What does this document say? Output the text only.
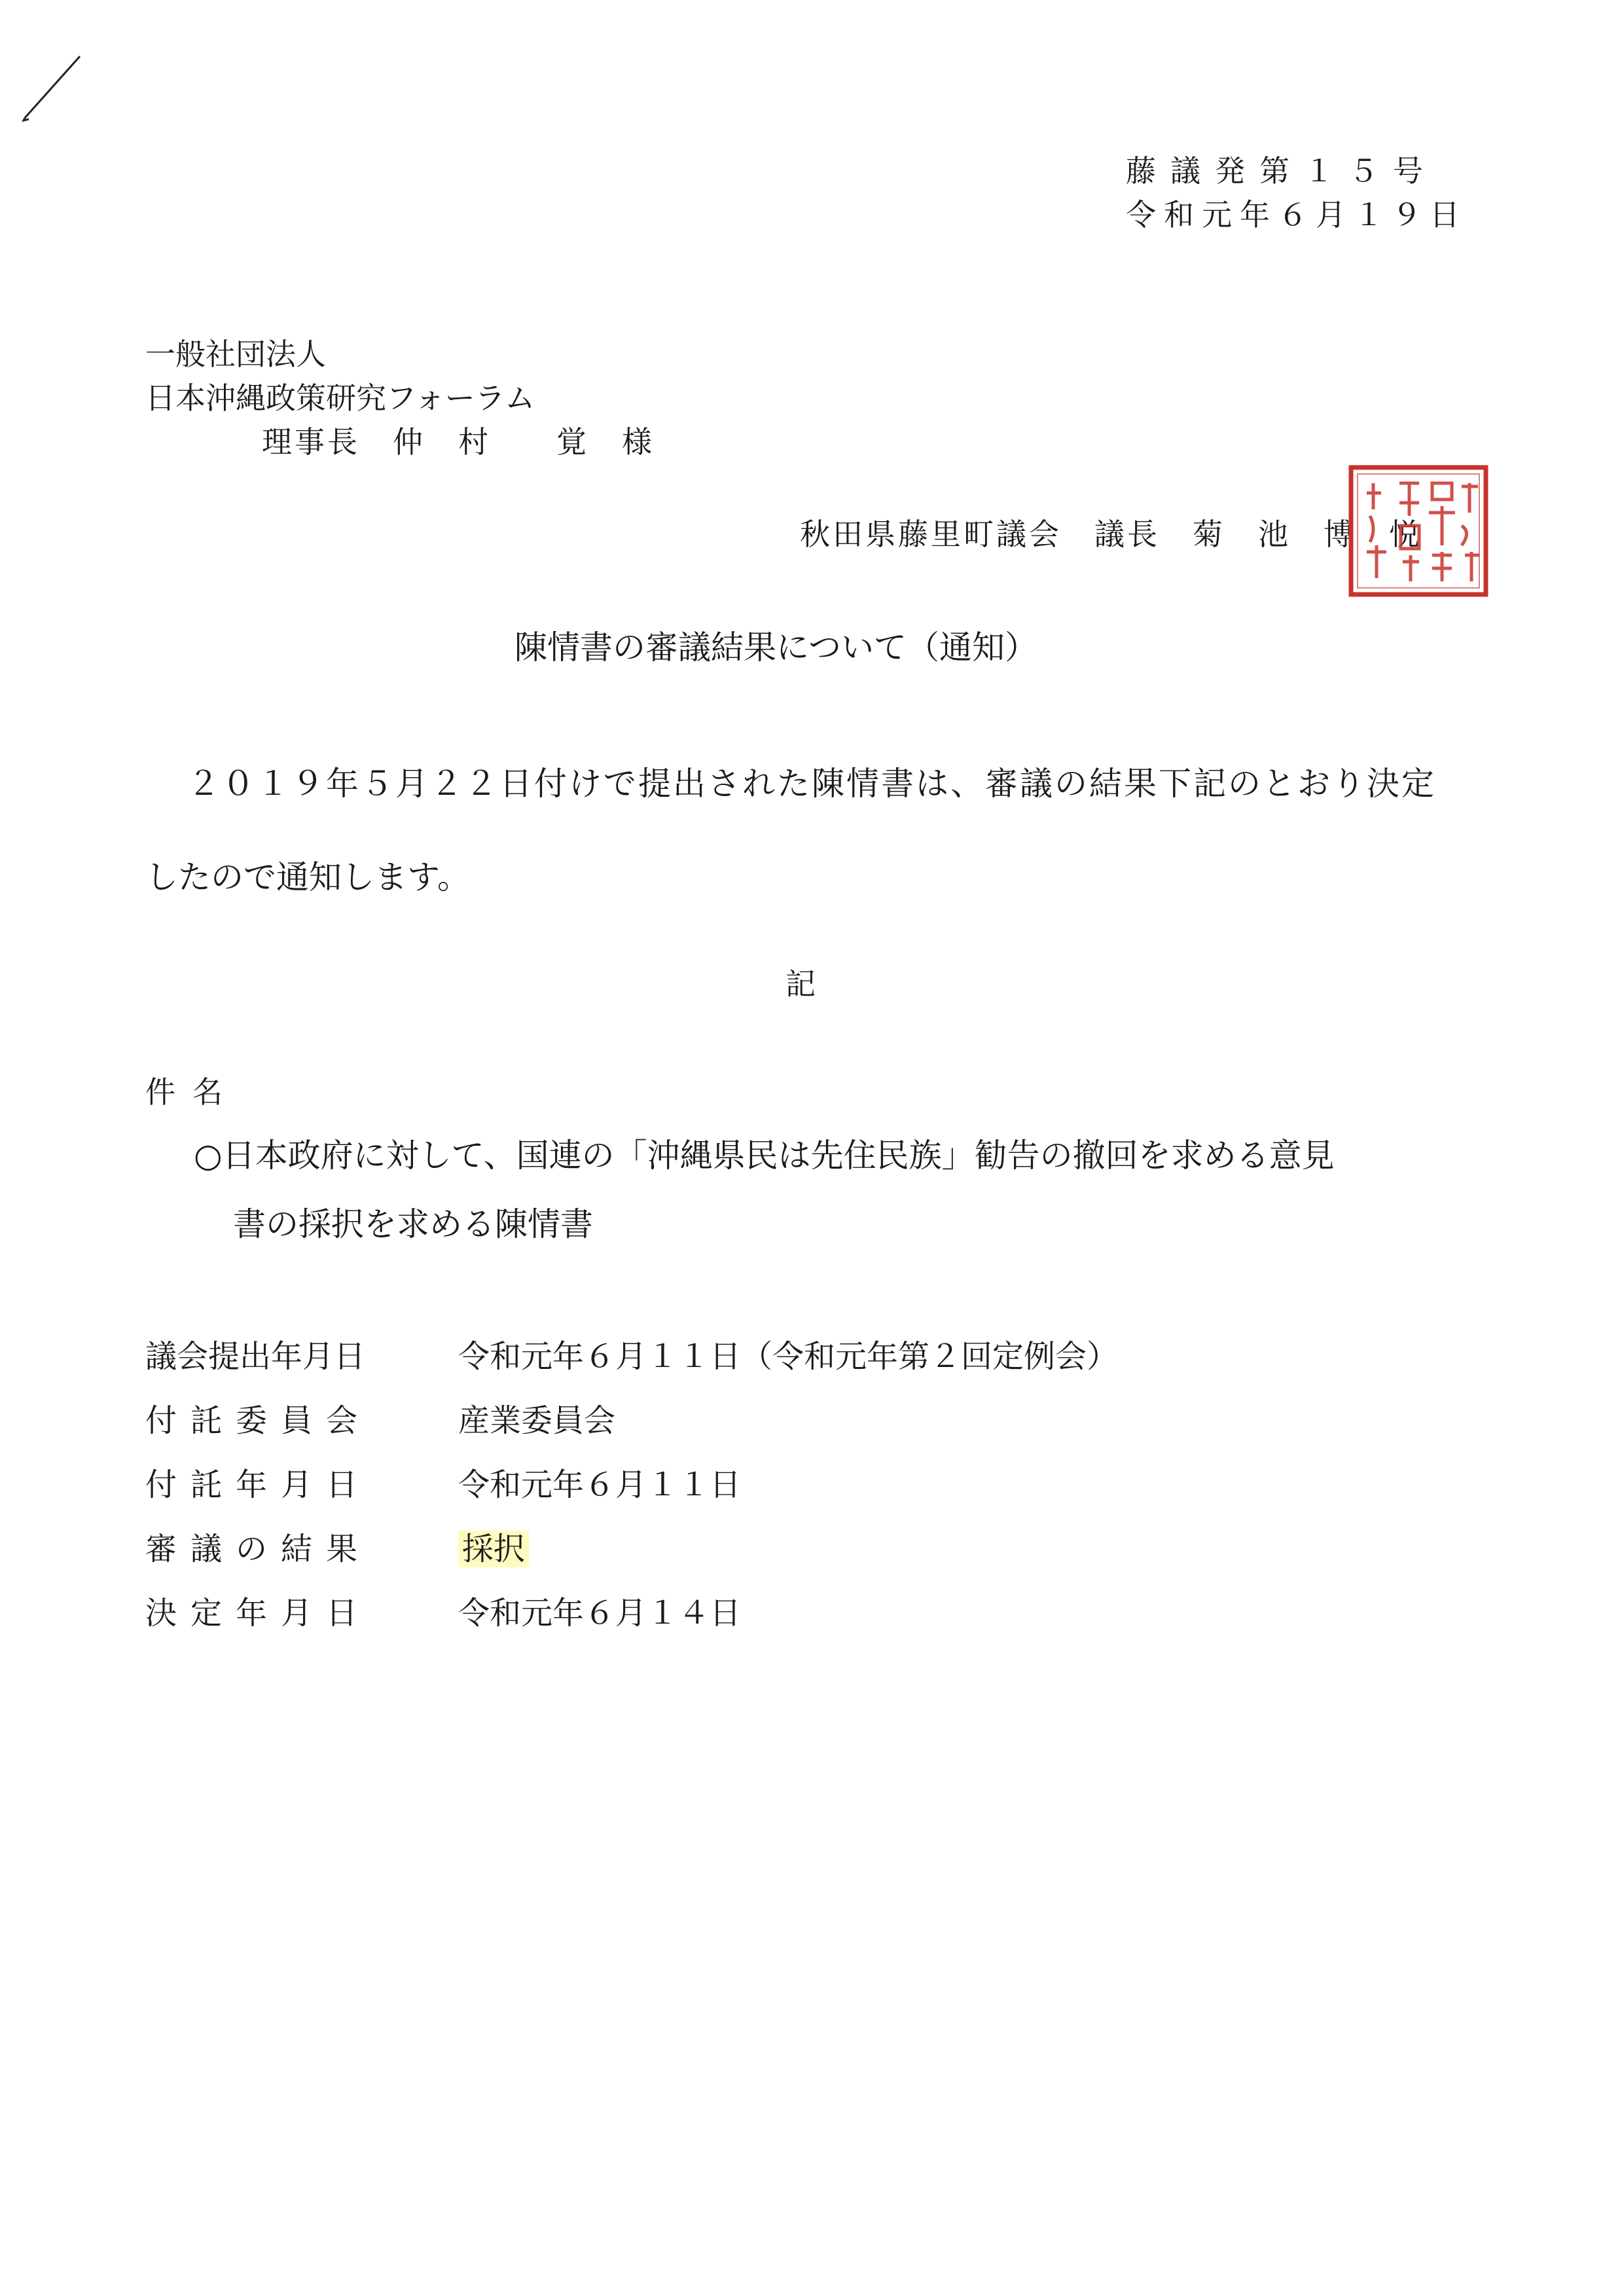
藤議発第１５号
令和元年６月１９日
一般社団法人
日本沖縄政策研究フォーラム
理事長　仲　村　　覚　様
秋田県藤里町議会　議長　菊　池　博　悦
陳情書の審議結果について（通知）
２０１９年５月２２日付けで提出された陳情書は、審議の結果下記のとおり決定
したので通知します。
記
件名
○日本政府に対して、国連の「沖縄県民は先住民族」勧告の撤回を求める意見
書の採択を求める陳情書
議会提出年月日	令和元年６月１１日（令和元年第２回定例会）
付託委員会	産業委員会
付託年月日	令和元年６月１１日
審議の結果	採択
決定年月日	令和元年６月１４日
